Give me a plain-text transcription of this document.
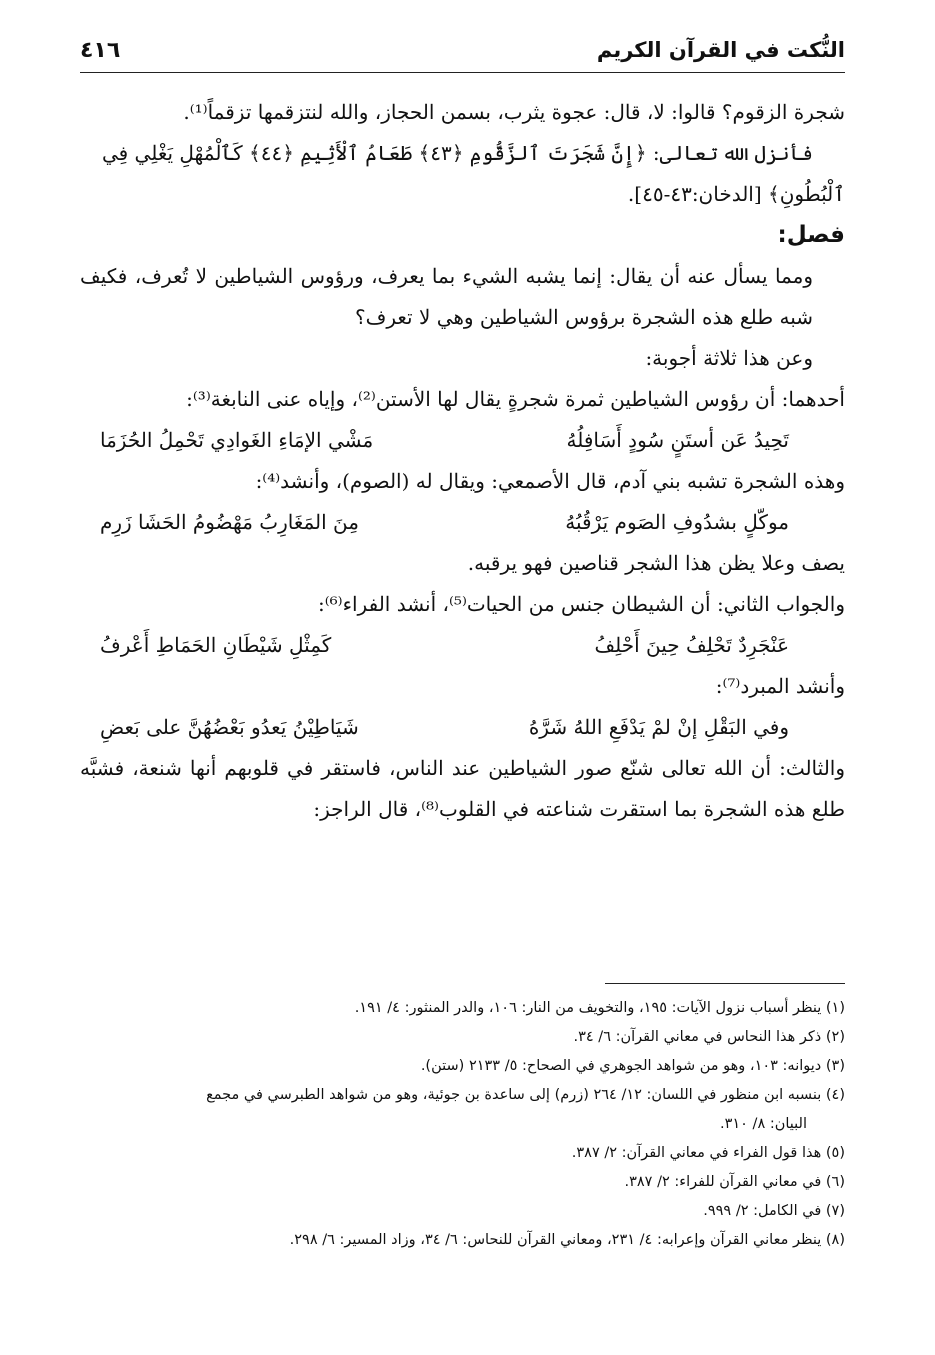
النُّكت في القرآن الكريم
٤١٦

شجرة الزقوم؟ قالوا: لا، قال: عجوة يثرب، بسمن الحجاز، والله لنتزقمها تزقماً⁽¹⁾.

فأنزل الله تعالى: ﴿إِنَّ شَجَرَتَ ٱلزَّقُّومِ ﴿٤٣﴾ طَعَامُ ٱلْأَثِيمِ ﴿٤٤﴾ كَٱلْمُهْلِ يَغْلِي فِي

ٱلْبُطُونِ﴾ [الدخان:٤٣-٤٥].

فصل:

ومما يسأل عنه أن يقال: إنما يشبه الشيء بما يعرف، ورؤوس الشياطين لا تُعرف، فكيف شبه طلع هذه الشجرة برؤوس الشياطين وهي لا تعرف؟

وعن هذا ثلاثة أجوبة:

أحدهما: أن رؤوس الشياطين ثمرة شجرةٍ يقال لها الأستن⁽²⁾، وإياه عنى النابغة⁽³⁾:

تَحِيدُ عَن أستَنٍ سُودٍ أَسَافِلُهُ
مَشْي الإمَاءِ الغَوادِي تَحْمِلُ الحُزَمَا

وهذه الشجرة تشبه بني آدم، قال الأصمعي: ويقال له (الصوم)، وأنشد⁽⁴⁾:

موكّلٍ بشدُوفِ الصَوم يَرْقُبُهُ
مِنَ المَغَارِبُ مَهْضُومُ الحَشَا زَرِم

يصف وعلا يظن هذا الشجر قناصين فهو يرقبه.

والجواب الثاني: أن الشيطان جنس من الحيات⁽⁵⁾، أنشد الفراء⁽⁶⁾:

عَنْجَرِدٌ تَحْلِفُ حِينَ أَحْلِفُ
كَمِثْلِ شَيْطَانِ الحَمَاطِ أَعْرفُ

وأنشد المبرد⁽⁷⁾:

وفي البَقْلِ إنْ لمْ يَدْفَعِ اللهُ شَرَّهُ
شَيَاطِيْنُ يَعدُو بَعْضُهُنَّ على بَعضِ

والثالث: أن الله تعالى شنّع صور الشياطين عند الناس، فاستقر في قلوبهم أنها شنعة، فشبَّه طلع هذه الشجرة بما استقرت شناعته في القلوب⁽⁸⁾، قال الراجز:

(١) ينظر أسباب نزول الآيات: ١٩٥، والتخويف من النار: ١٠٦، والدر المنثور: ٤/ ١٩١.

(٢) ذكر هذا النحاس في معاني القرآن: ٦/ ٣٤.

(٣) ديوانه: ١٠٣، وهو من شواهد الجوهري في الصحاح: ٥/ ٢١٣٣ (ستن).

(٤) بنسبه ابن منظور في اللسان: ١٢/ ٢٦٤ (زرم) إلى ساعدة بن جوئية، وهو من شواهد الطبرسي في مجمع

البيان: ٨/ ٣١٠.

(٥) هذا قول الفراء في معاني القرآن: ٢/ ٣٨٧.

(٦) في معاني القرآن للفراء: ٢/ ٣٨٧.

(٧) في الكامل: ٢/ ٩٩٩.

(٨) ينظر معاني القرآن وإعرابه: ٤/ ٢٣١، ومعاني القرآن للنحاس: ٦/ ٣٤، وزاد المسير: ٦/ ٢٩٨.
